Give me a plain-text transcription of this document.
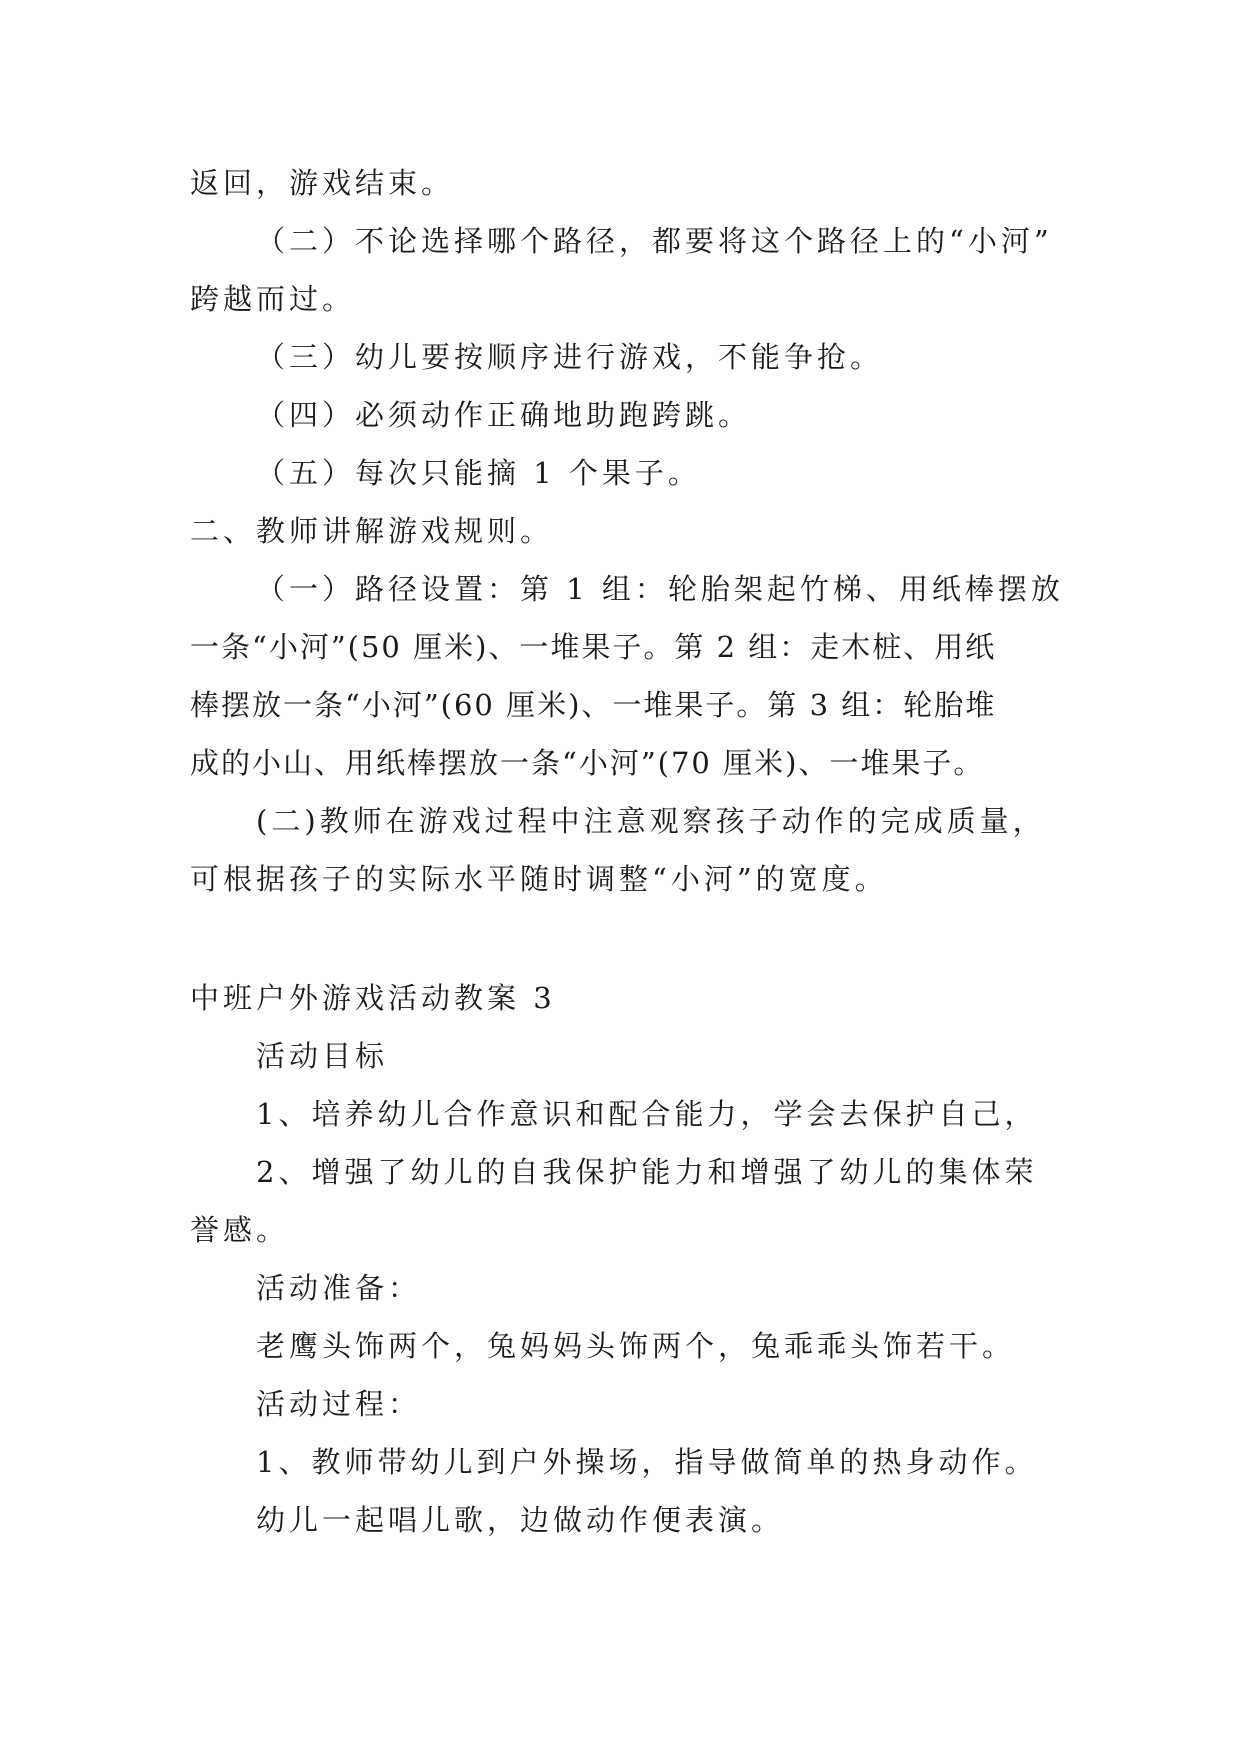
返回，游戏结束。
（二）不论选择哪个路径，都要将这个路径上的“小河”
跨越而过。
（三）幼儿要按顺序进行游戏，不能争抢。
（四）必须动作正确地助跑跨跳。
（五）每次只能摘 1 个果子。
二、教师讲解游戏规则。
（一）路径设置：第 1 组：轮胎架起竹梯、用纸棒摆放
一条“小河”(50 厘米)、一堆果子。第 2 组：走木桩、用纸
棒摆放一条“小河”(60 厘米)、一堆果子。第 3 组：轮胎堆
成的小山、用纸棒摆放一条“小河”(70 厘米)、一堆果子。
(二)教师在游戏过程中注意观察孩子动作的完成质量，
可根据孩子的实际水平随时调整“小河”的宽度。
中班户外游戏活动教案 3
活动目标
1、培养幼儿合作意识和配合能力，学会去保护自己，
2、增强了幼儿的自我保护能力和增强了幼儿的集体荣
誉感。
活动准备：
老鹰头饰两个，兔妈妈头饰两个，兔乖乖头饰若干。
活动过程：
1、教师带幼儿到户外操场，指导做简单的热身动作。
幼儿一起唱儿歌，边做动作便表演。
